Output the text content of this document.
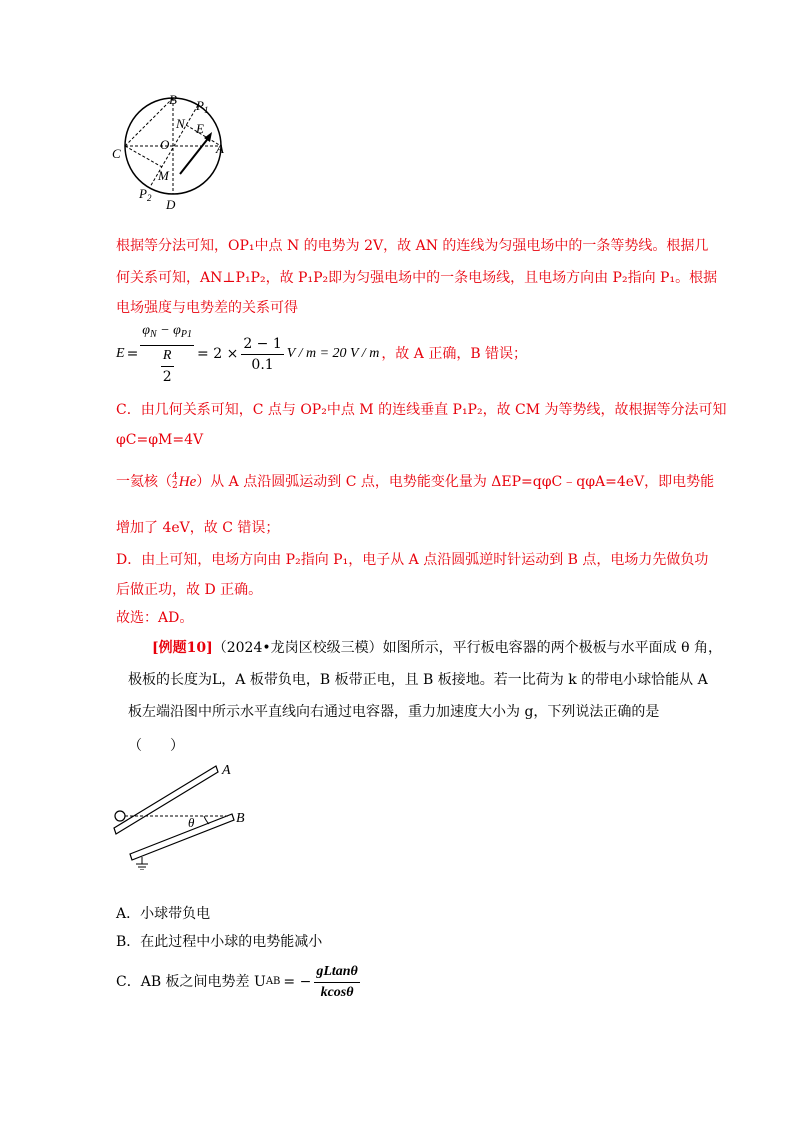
B $P_1$
N E
O
C	A
M
$P_2$ D
根据等分法可知，OP₁中点 N 的电势为 2V，故 AN 的连线为匀强电场中的一条等势线。根据几
何关系可知，AN⊥P₁P₂，故 P₁P₂即为匀强电场中的一条电场线，且电场方向由 P₂指向 P₁。根据
电场强度与电势差的关系可得
$E = \frac{\varphi_N - \varphi_{P1}}{\frac{R}{2}} = 2 \times \frac{2 - 1}{0.1}$ V / m = 20 V / m ，故 A 正确，B 错误；
C．由几何关系可知，C 点与 OP₂中点 M 的连线垂直 P₁P₂，故 CM 为等势线，故根据等分法可知
φC=φM=4V
一氦核（ 4
2 He）从 A 点沿圆弧运动到 C 点，电势能变化量为 ΔEP=qφC﹣qφA=4eV，即电势能
增加了 4eV，故 C 错误；
D．由上可知，电场方向由 P₂指向 P₁，电子从 A 点沿圆弧逆时针运动到 B 点，电场力先做负功
后做正功，故 D 正确。
故选：AD。
[例题10]（2024•龙岗区校级三模）如图所示，平行板电容器的两个极板与水平面成 θ 角，
极板的长度为L，A 板带负电，B 板带正电，且 B 板接地。若一比荷为 k 的带电小球恰能从 A
板左端沿图中所示水平直线向右通过电容器，重力加速度大小为 g，下列说法正确的是
（　　）
A
B
θ
A．小球带负电
B．在此过程中小球的电势能减小
C．AB 板之间电势差 U AB = − $\frac{gLtan\theta}{kcos\theta}$
